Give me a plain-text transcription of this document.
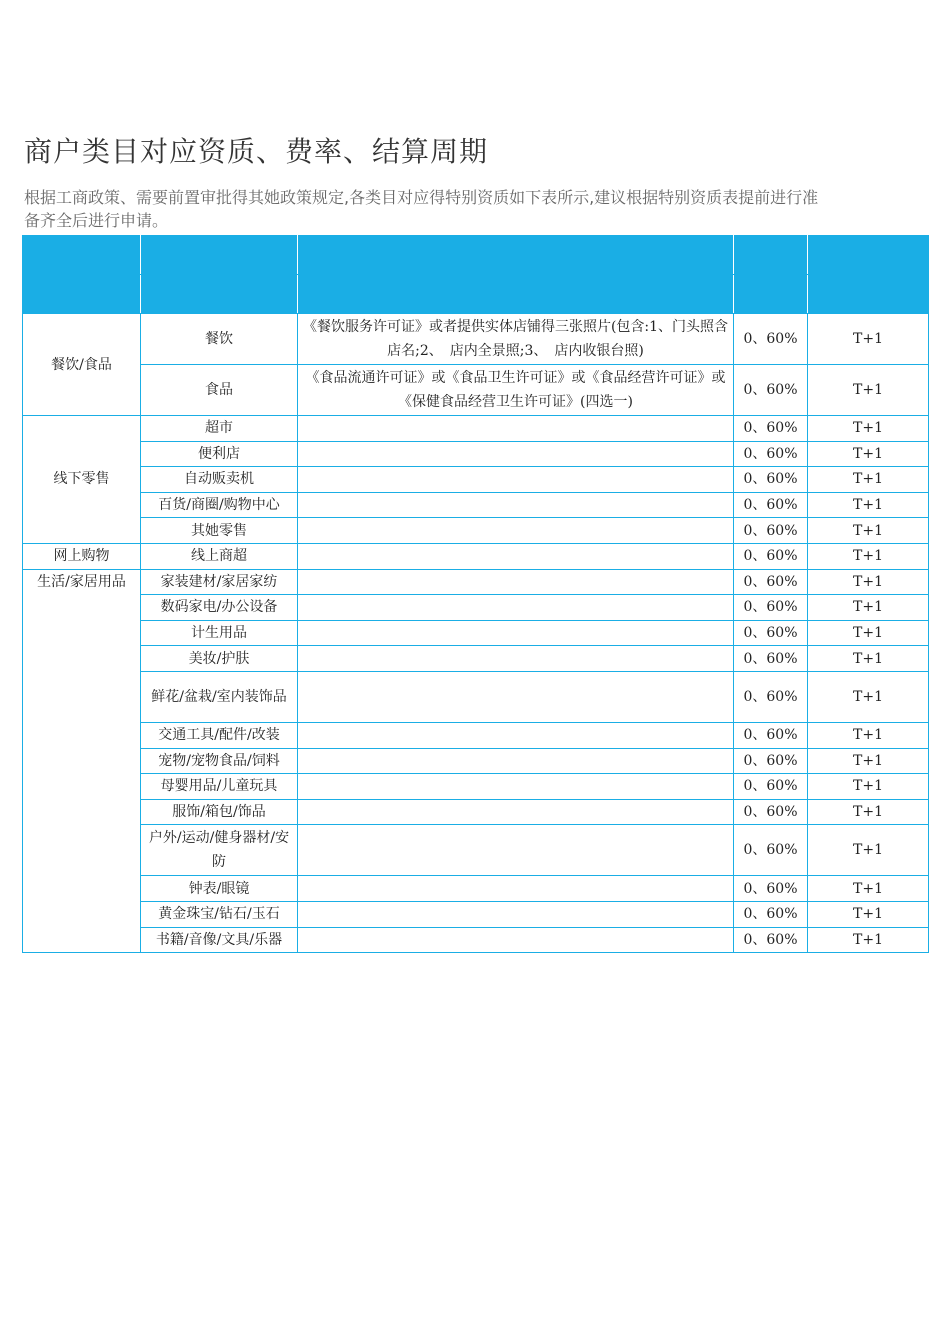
商户类目对应资质、费率、结算周期

根据工商政策、需要前置审批得其她政策规定,各类目对应得特别资质如下表所示,建议根据特别资质表提前进行准备齐全后进行申请。

餐饮/食品	餐饮	《餐饮服务许可证》或者提供实体店铺得三张照片(包含:1、门头照含店名;2、　店内全景照;3、　店内收银台照)	0、60%	T+1
	食品	《食品流通许可证》或《食品卫生许可证》或《食品经营许可证》或《保健食品经营卫生许可证》(四选一)	0、60%	T+1
线下零售	超市		0、60%	T+1
	便利店		0、60%	T+1
	自动贩卖机		0、60%	T+1
	百货/商圈/购物中心		0、60%	T+1
	其她零售		0、60%	T+1
网上购物	线上商超		0、60%	T+1
生活/家居用品	家装建材/家居家纺		0、60%	T+1
	数码家电/办公设备		0、60%	T+1
	计生用品		0、60%	T+1
	美妆/护肤		0、60%	T+1
	鲜花/盆栽/室内装饰品		0、60%	T+1
	交通工具/配件/改装		0、60%	T+1
	宠物/宠物食品/饲料		0、60%	T+1
	母婴用品/儿童玩具		0、60%	T+1
	服饰/箱包/饰品		0、60%	T+1
	户外/运动/健身器材/安防		0、60%	T+1
	钟表/眼镜		0、60%	T+1
	黄金珠宝/钻石/玉石		0、60%	T+1
	书籍/音像/文具/乐器		0、60%	T+1
